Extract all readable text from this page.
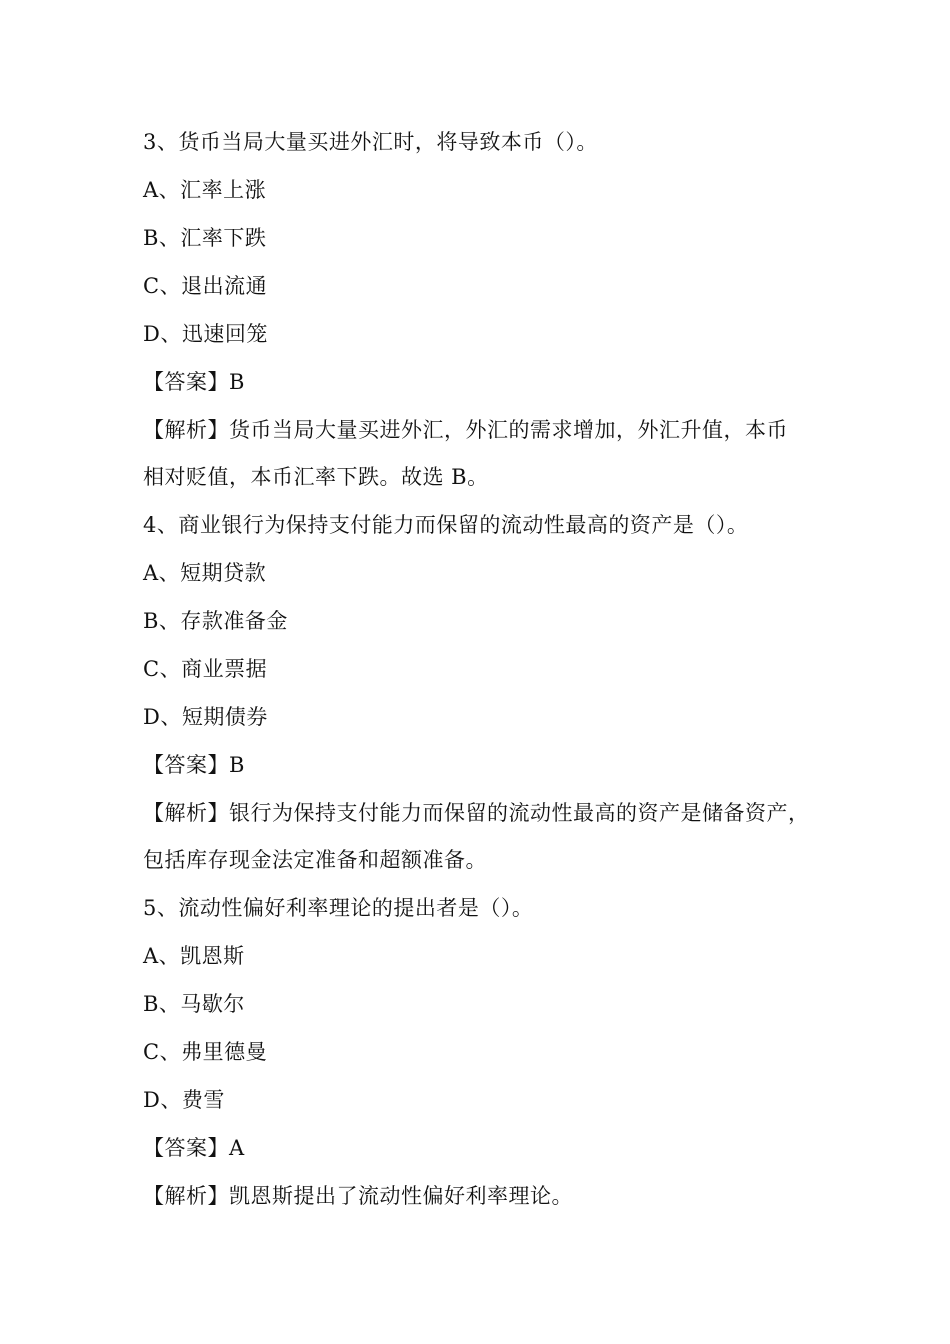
3、货币当局大量买进外汇时，将导致本币（）。
A、汇率上涨
B、汇率下跌
C、退出流通
D、迅速回笼
【答案】B
【解析】货币当局大量买进外汇，外汇的需求增加，外汇升值，本币
相对贬值，本币汇率下跌。故选 B。
4、商业银行为保持支付能力而保留的流动性最高的资产是（）。
A、短期贷款
B、存款准备金
C、商业票据
D、短期债券
【答案】B
【解析】银行为保持支付能力而保留的流动性最高的资产是储备资产，
包括库存现金法定准备和超额准备。
5、流动性偏好利率理论的提出者是（）。
A、凯恩斯
B、马歇尔
C、弗里德曼
D、费雪
【答案】A
【解析】凯恩斯提出了流动性偏好利率理论。
